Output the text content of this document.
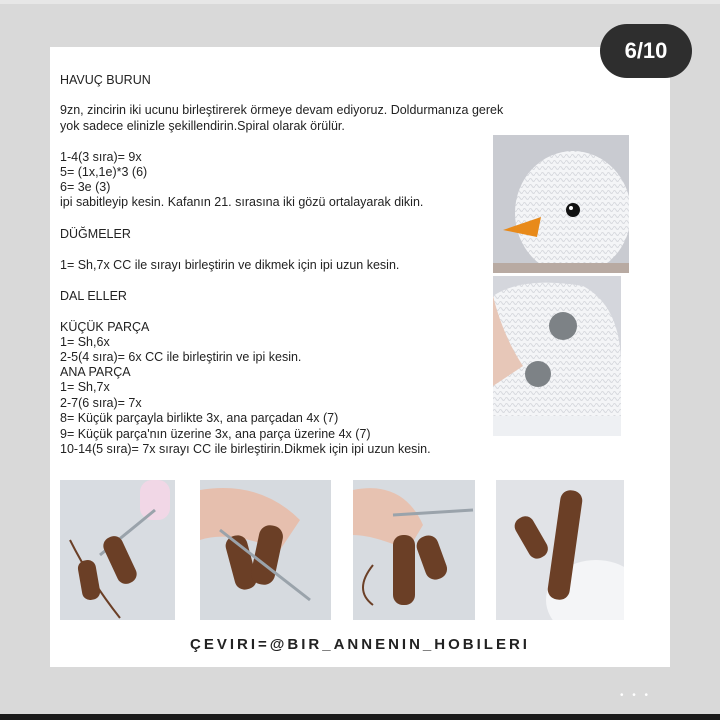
HAVUÇ BURUN
9zn, zincirin iki ucunu birleştirerek örmeye devam ediyoruz. Doldurmanıza gerek
yok sadece elinizle şekillendirin.Spiral olarak örülür.
1-4(3 sıra)= 9x
5= (1x,1e)*3 (6)
6= 3e (3)
ipi sabitleyip kesin. Kafanın 21. sırasına iki gözü ortalayarak dikin.
DÜĞMELER
1= Sh,7x CC ile sırayı birleştirin ve dikmek için ipi uzun kesin.
DAL ELLER
KÜÇÜK PARÇA
1= Sh,6x
2-5(4 sıra)= 6x CC ile birleştirin ve ipi kesin.
ANA PARÇA
1= Sh,7x
2-7(6 sıra)= 7x
8= Küçük parçayla birlikte 3x, ana parçadan 4x (7)
9= Küçük parça'nın üzerine 3x, ana parça üzerine 4x (7)
10-14(5 sıra)= 7x sırayı CC ile birleştirin.Dikmek için ipi uzun kesin.
6/10
ÇEVIRI=@BIR_ANNENIN_HOBILERI
• • •
